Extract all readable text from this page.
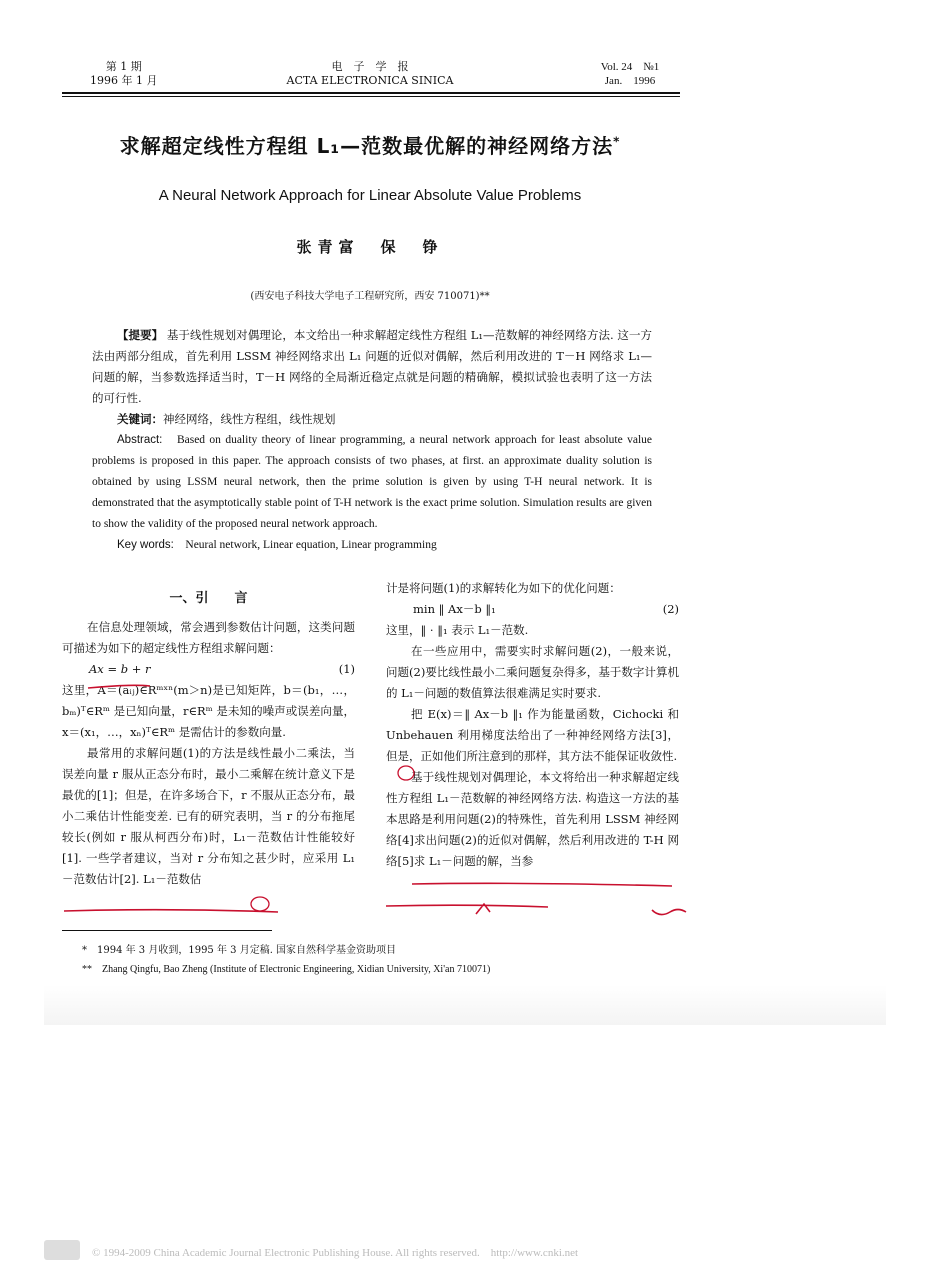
第 1 期
1996 年 1 月
电　子　学　报
ACTA ELECTRONICA SINICA
Vol. 24　№1
Jan.　1996
求解超定线性方程组 L₁—范数最优解的神经网络方法*
A Neural Network Approach for Linear Absolute Value Problems
张青富　保　铮
(西安电子科技大学电子工程研究所，西安 710071)**

【提要】 基于线性规划对偶理论，本文给出一种求解超定线性方程组 L₁—范数解的神经网络方法. 这一方法由两部分组成，首先利用 LSSM 神经网络求出 L₁ 问题的近似对偶解，然后利用改进的 T－H 网络求 L₁—问题的解，当参数选择适当时，T－H 网络的全局渐近稳定点就是问题的精确解，模拟试验也表明了这一方法的可行性.

关键词：神经网络，线性方程组，线性规划

Abstract:　 Based on duality theory of linear programming, a neural network approach for least absolute value problems is proposed in this paper. The approach consists of two phases, at first. an approximate duality solution is obtained by using LSSM neural network, then the prime solution is given by using T-H neural network. It is demonstrated that the asymptotically stable point of T-H network is the exact prime solution. Simulation results are given to show the validity of the proposed neural network approach.

Key words:　 Neural network, Linear equation, Linear programming

一、引　　言

在信息处理领域，常会遇到参数估计问题，这类问题可描述为如下的超定线性方程组求解问题：

Ax = b + r	(1)

这里，A＝(aᵢⱼ)∈Rᵐˣⁿ(m＞n)是已知矩阵，b＝(b₁，…，bₘ)ᵀ∈Rᵐ 是已知向量，r∈Rᵐ 是未知的噪声或误差向量，x＝(x₁，…，xₙ)ᵀ∈Rᵐ 是需估计的参数向量.

最常用的求解问题(1)的方法是线性最小二乘法，当误差向量 r 服从正态分布时，最小二乘解在统计意义下是最优的[1]；但是，在许多场合下，r 不服从正态分布，最小二乘估计性能变差. 已有的研究表明，当 r 的分布拖尾较长(例如 r 服从柯西分布)时，L₁－范数估计性能较好[1]. 一些学者建议，当对 r 分布知之甚少时，应采用 L₁－范数估计[2]. L₁－范数估

计是将问题(1)的求解转化为如下的优化问题：

min ‖ Ax－b ‖₁	(2)

这里，‖ · ‖₁ 表示 L₁－范数.

在一些应用中，需要实时求解问题(2)，一般来说，问题(2)要比线性最小二乘问题复杂得多，基于数字计算机的 L₁－问题的数值算法很难满足实时要求.

把 E(x)＝‖ Ax－b ‖₁ 作为能量函数，Cichocki 和 Unbehauen 利用梯度法给出了一种神经网络方法[3]，但是，正如他们所注意到的那样，其方法不能保证收敛性.

基于线性规划对偶理论，本文将给出一种求解超定线性方程组 L₁－范数解的神经网络方法. 构造这一方法的基本思路是利用问题(2)的特殊性，首先利用 LSSM 神经网络[4]求出问题(2)的近似对偶解，然后利用改进的 T-H 网络[5]求 L₁－问题的解，当参

*　1994 年 3 月收到，1995 年 3 月定稿. 国家自然科学基金资助项目
**　Zhang Qingfu, Bao Zheng (Institute of Electronic Engineering, Xidian University, Xi'an 710071)
© 1994-2009 China Academic Journal Electronic Publishing House. All rights reserved.　http://www.cnki.net
